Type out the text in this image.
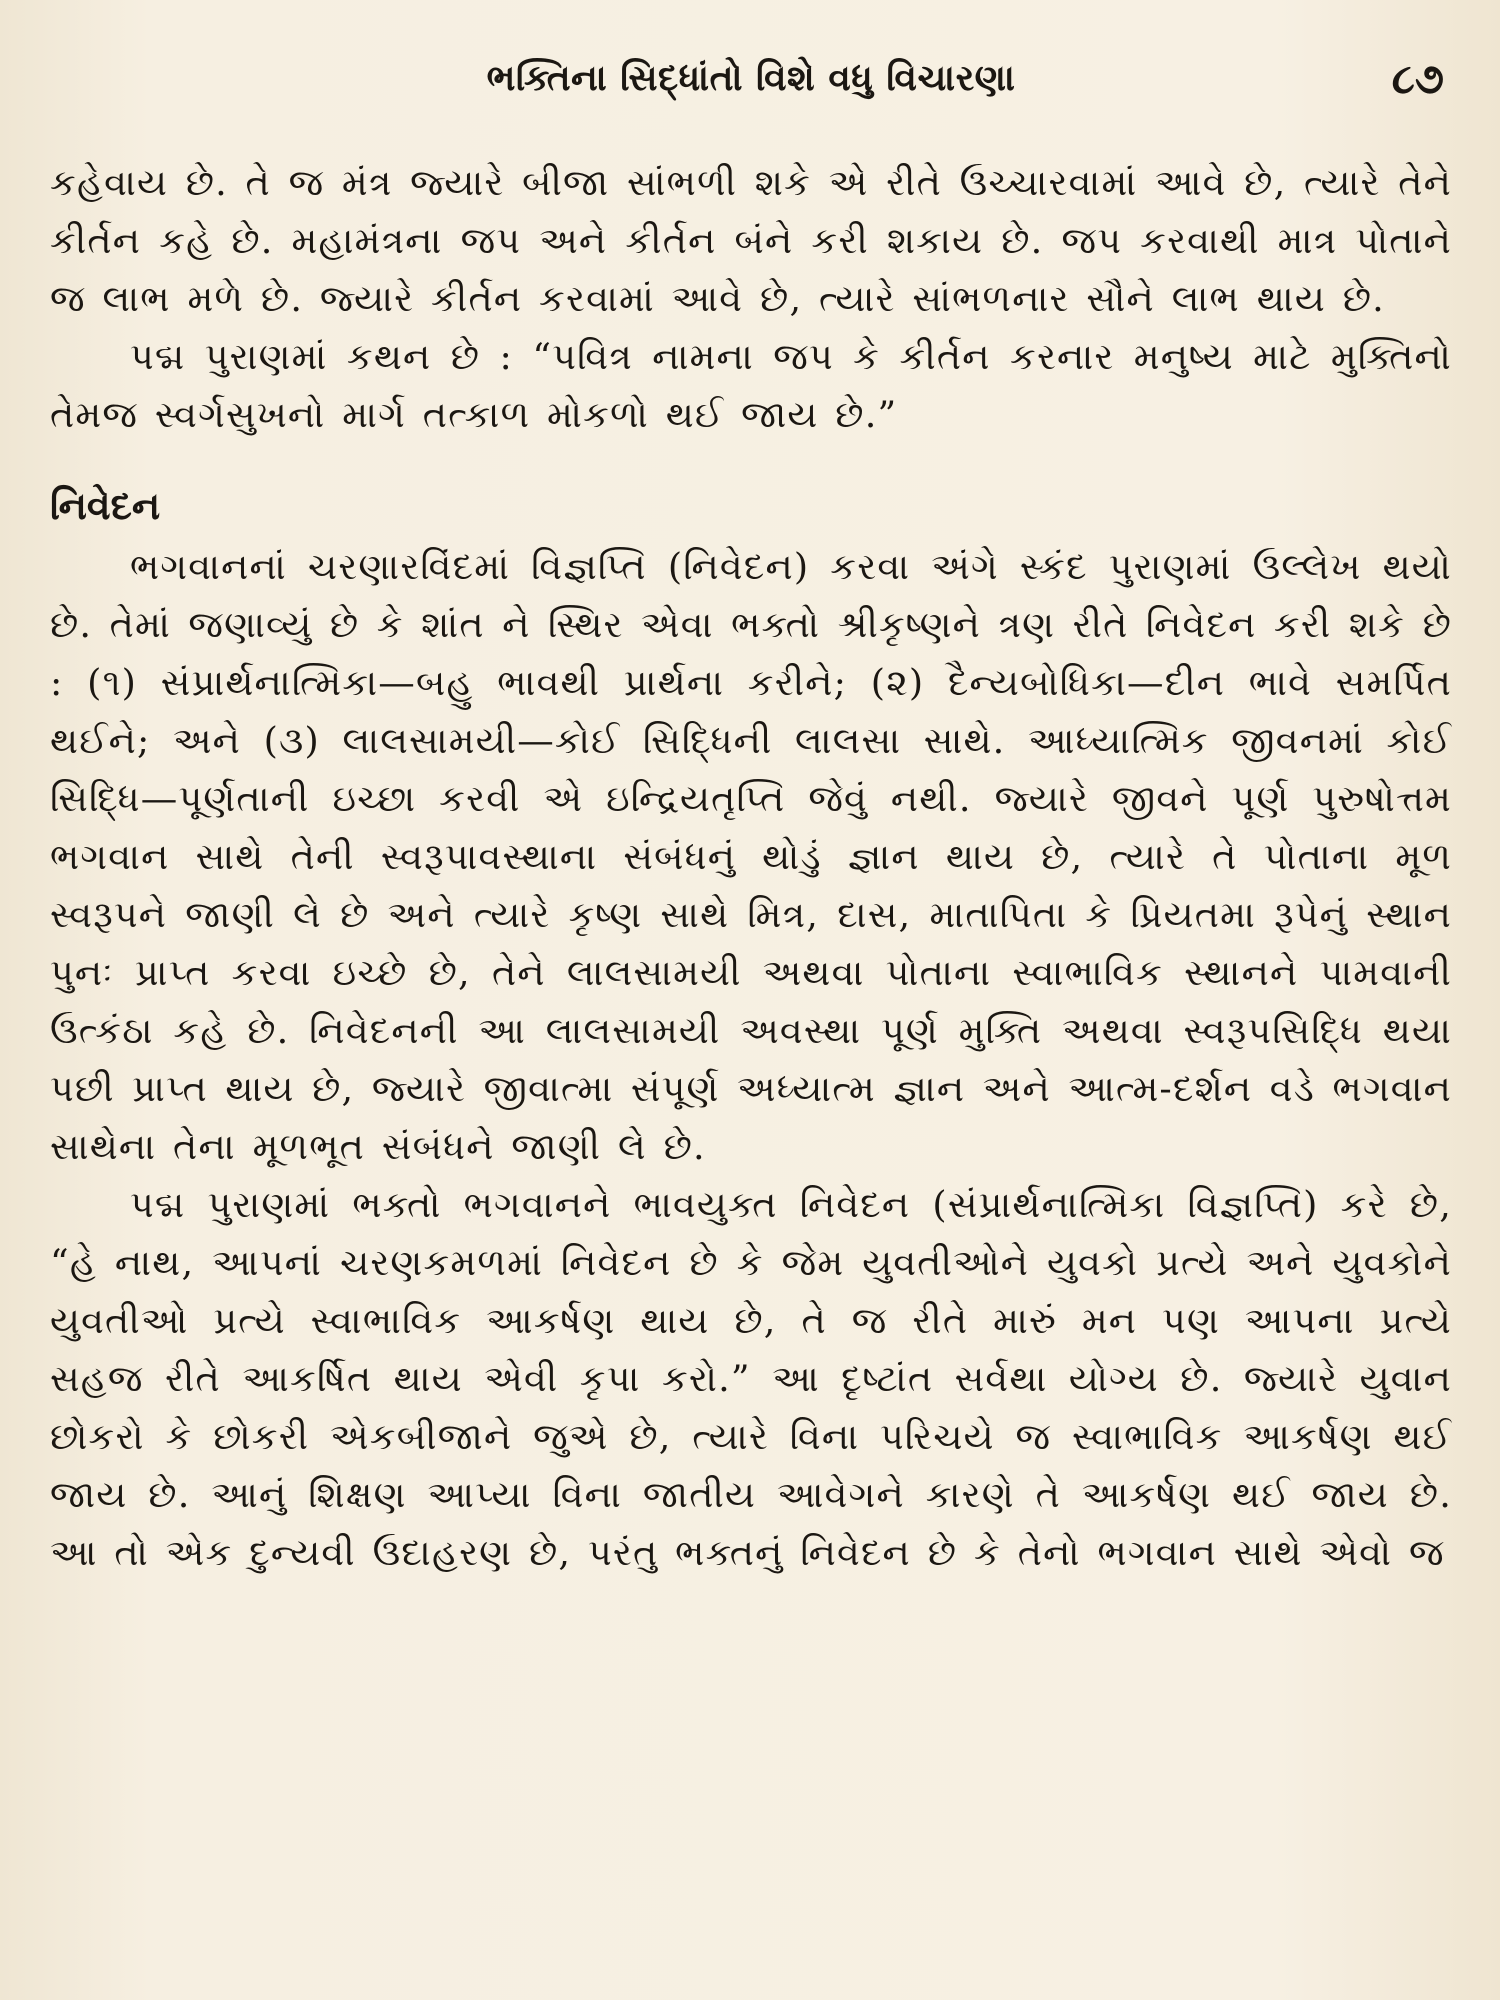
ભક્તિના સિદ્ધાંતો વિશે વધુ વિચારણા	૮૭

કહેવાય છે. તે જ મંત્ર જ્યારે બીજા સાંભળી શકે એ રીતે ઉચ્ચારવામાં આવે છે, ત્યારે તેને કીર્તન કહે છે. મહામંત્રના જપ અને કીર્તન બંને કરી શકાય છે. જપ કરવાથી માત્ર પોતાને જ લાભ મળે છે. જ્યારે કીર્તન કરવામાં આવે છે, ત્યારે સાંભળનાર સૌને લાભ થાય છે.

પદ્મ પુરાણમાં કથન છે : “પવિત્ર નામના જપ કે કીર્તન કરનાર મનુષ્ય માટે મુક્તિનો તેમજ સ્વર્ગસુખનો માર્ગ તત્કાળ મોકળો થઈ જાય છે.”

નિવેદન

ભગવાનનાં ચરણારવિંદમાં વિજ્ઞપ્તિ (નિવેદન) કરવા અંગે સ્કંદ પુરાણમાં ઉલ્લેખ થયો છે. તેમાં જણાવ્યું છે કે શાંત ને સ્થિર એવા ભક્તો શ્રીકૃષ્ણને ત્રણ રીતે નિવેદન કરી શકે છે : (૧) સંપ્રાર્થનાત્મિકા—બહુ ભાવથી પ્રાર્થના કરીને; (૨) દૈન્યબોધિકા—દીન ભાવે સમર્પિત થઈને; અને (૩) લાલસામયી—કોઈ સિદ્ધિની લાલસા સાથે. આધ્યાત્મિક જીવનમાં કોઈ સિદ્ધિ—પૂર્ણતાની ઇચ્છા કરવી એ ઇન્દ્રિયતૃપ્તિ જેવું નથી. જ્યારે જીવને પૂર્ણ પુરુષોત્તમ ભગવાન સાથે તેની સ્વરૂપાવસ્થાના સંબંધનું થોડું જ્ઞાન થાય છે, ત્યારે તે પોતાના મૂળ સ્વરૂપને જાણી લે છે અને ત્યારે કૃષ્ણ સાથે મિત્ર, દાસ, માતાપિતા કે પ્રિયતમા રૂપેનું સ્થાન પુનઃ પ્રાપ્ત કરવા ઇચ્છે છે, તેને લાલસામયી અથવા પોતાના સ્વાભાવિક સ્થાનને પામવાની ઉત્કંઠા કહે છે. નિવેદનની આ લાલસામયી અવસ્થા પૂર્ણ મુક્તિ અથવા સ્વરૂપસિદ્ધિ થયા પછી પ્રાપ્ત થાય છે, જ્યારે જીવાત્મા સંપૂર્ણ અધ્યાત્મ જ્ઞાન અને આત્મ-દર્શન વડે ભગવાન સાથેના તેના મૂળભૂત સંબંધને જાણી લે છે.

પદ્મ પુરાણમાં ભક્તો ભગવાનને ભાવયુક્ત નિવેદન (સંપ્રાર્થનાત્મિકા વિજ્ઞપ્તિ) કરે છે, “હે નાથ, આપનાં ચરણકમળમાં નિવેદન છે કે જેમ યુવતીઓને યુવકો પ્રત્યે અને યુવકોને યુવતીઓ પ્રત્યે સ્વાભાવિક આકર્ષણ થાય છે, તે જ રીતે મારું મન પણ આપના પ્રત્યે સહજ રીતે આકર્ષિત થાય એવી કૃપા કરો.” આ દૃષ્ટાંત સર્વથા યોગ્ય છે. જ્યારે યુવાન છોકરો કે છોકરી એકબીજાને જુએ છે, ત્યારે વિના પરિચયે જ સ્વાભાવિક આકર્ષણ થઈ જાય છે. આનું શિક્ષણ આપ્યા વિના જાતીય આવેગને કારણે તે આકર્ષણ થઈ જાય છે. આ તો એક દુન્યવી ઉદાહરણ છે, પરંતુ ભક્તનું નિવેદન છે કે તેનો ભગવાન સાથે એવો જ
